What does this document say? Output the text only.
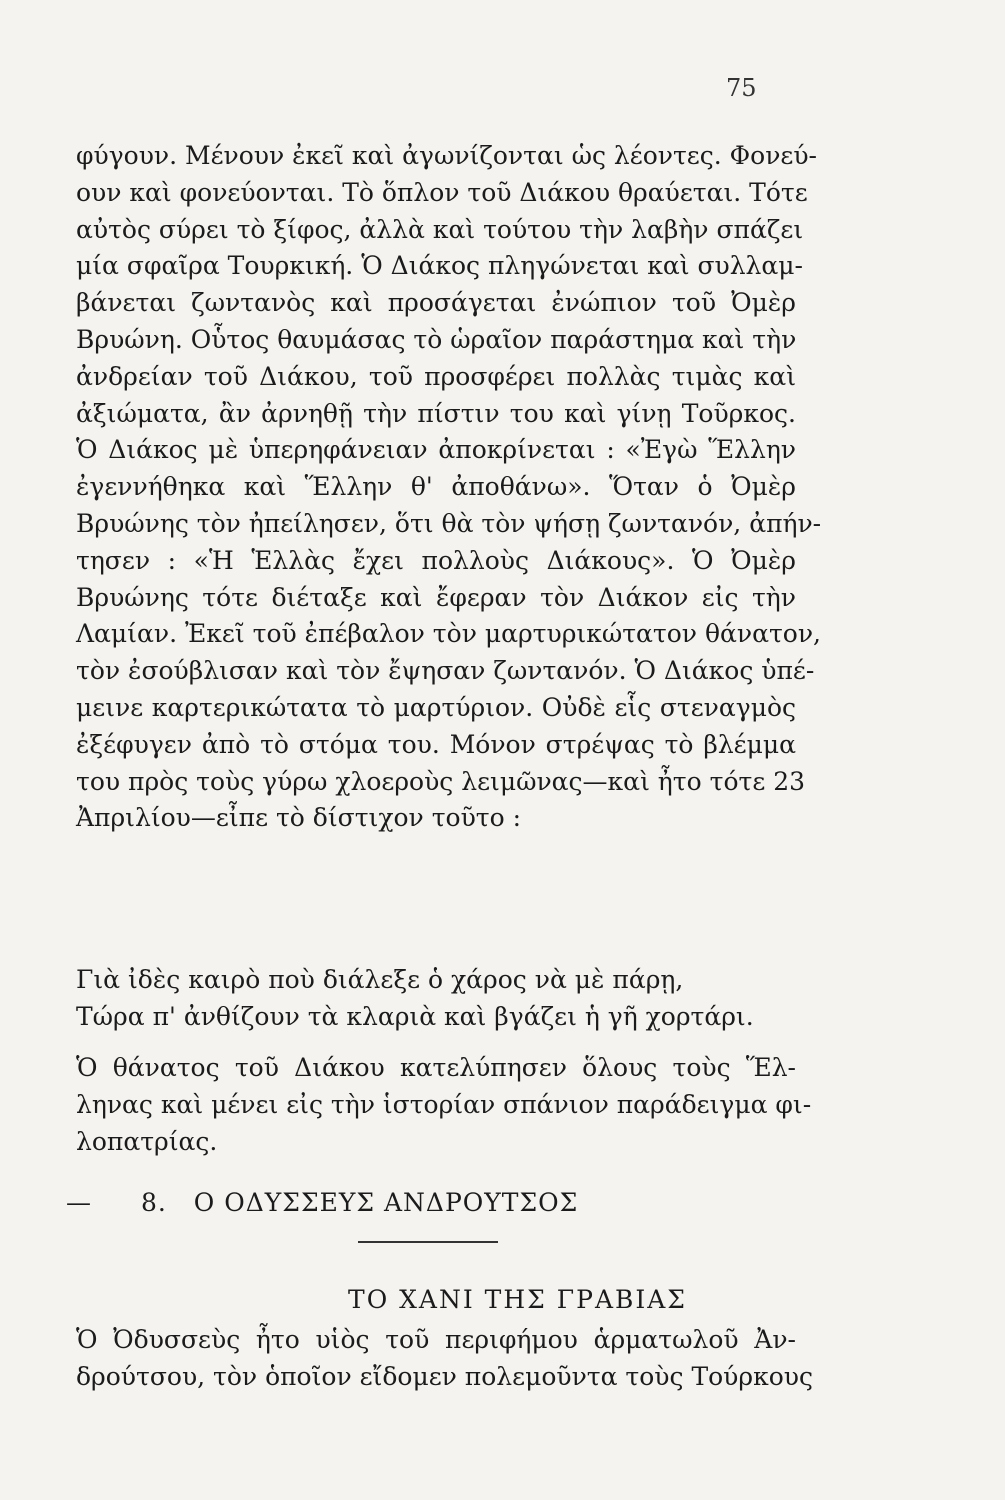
75
φύγουν. Μένουν ἐκεῖ καὶ ἀγωνίζονται ὡς λέοντες. Φονεύ-
ουν καὶ φονεύονται. Τὸ ὅπλον τοῦ Διάκου θραύεται. Τότε
αὐτὸς σύρει τὸ ξίφος, ἀλλὰ καὶ τούτου τὴν λαβὴν σπάζει
μία σφαῖρα Τουρκική. Ὁ Διάκος πληγώνεται καὶ συλλαμ-
βάνεται ζωντανὸς καὶ προσάγεται ἐνώπιον τοῦ Ὀμὲρ
Βρυώνη. Οὗτος θαυμάσας τὸ ὡραῖον παράστημα καὶ τὴν
ἀνδρείαν τοῦ Διάκου, τοῦ προσφέρει πολλὰς τιμὰς καὶ
ἀξιώματα, ἂν ἀρνηθῇ τὴν πίστιν του καὶ γίνῃ Τοῦρκος.
Ὁ Διάκος μὲ ὑπερηφάνειαν ἀποκρίνεται : «Ἐγὼ Ἕλλην
ἐγεννήθηκα καὶ Ἕλλην θ' ἀποθάνω». Ὅταν ὁ Ὀμὲρ
Βρυώνης τὸν ἠπείλησεν, ὅτι θὰ τὸν ψήσῃ ζωντανόν, ἀπήν-
τησεν : «Ἡ Ἑλλὰς ἔχει πολλοὺς Διάκους». Ὁ Ὀμὲρ
Βρυώνης τότε διέταξε καὶ ἔφεραν τὸν Διάκον εἰς τὴν
Λαμίαν. Ἐκεῖ τοῦ ἐπέβαλον τὸν μαρτυρικώτατον θάνατον,
τὸν ἐσούβλισαν καὶ τὸν ἔψησαν ζωντανόν. Ὁ Διάκος ὑπέ-
μεινε καρτερικώτατα τὸ μαρτύριον. Οὐδὲ εἷς στεναγμὸς
ἐξέφυγεν ἀπὸ τὸ στόμα του. Μόνον στρέψας τὸ βλέμμα
του πρὸς τοὺς γύρω χλοεροὺς λειμῶνας—καὶ ἦτο τότε 23
Ἀπριλίου—εἶπε τὸ δίστιχον τοῦτο :
Γιὰ ἰδὲς καιρὸ ποὺ διάλεξε ὁ χάρος νὰ μὲ πάρῃ,
Τώρα π' ἀνθίζουν τὰ κλαριὰ καὶ βγάζει ἡ γῆ χορτάρι.
Ὁ θάνατος τοῦ Διάκου κατελύπησεν ὅλους τοὺς Ἕλ-
ληνας καὶ μένει εἰς τὴν ἱστορίαν σπάνιον παράδειγμα φι-
λοπατρίας.
— 8. Ο ΟΔΥΣΣΕΥΣ ΑΝΔΡΟΥΤΣΟΣ
ΤΟ ΧΑΝΙ ΤΗΣ ΓΡΑΒΙΑΣ
Ὁ Ὀδυσσεὺς ἦτο υἱὸς τοῦ περιφήμου ἁρματωλοῦ Ἀν-
δρούτσου, τὸν ὁποῖον εἴδομεν πολεμοῦντα τοὺς Τούρκους
